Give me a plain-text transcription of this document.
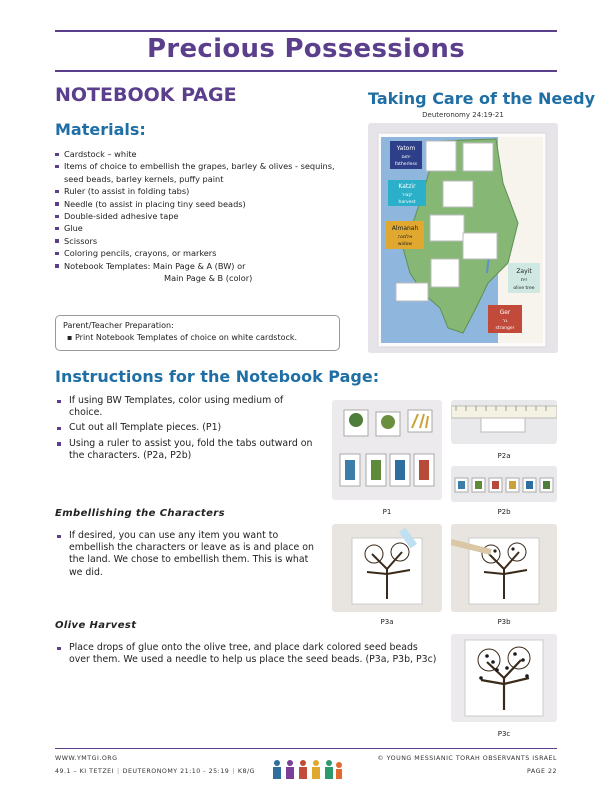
Precious Possessions
NOTEBOOK PAGE	Taking Care of the Needy
Deuteronomy 24:19-21
Materials:
Cardstock – white
Items of choice to embellish the grapes, barley & olives - sequins, seed beads, barley kernels, puffy paint
Ruler (to assist in folding tabs)
Needle (to assist in placing tiny seed beads)
Double-sided adhesive tape
Glue
Scissors
Coloring pencils, crayons, or markers
Notebook Templates: Main Page & A (BW) or
Main Page & B (color)
Parent/Teacher Preparation:
▪ Print Notebook Templates of choice on white cardstock.
Yatom
יתום
fatherless
Katzir
קציר
harvest
Almanah
אלמנה
widow
Zayit
זית
olive tree
Ger
גר
stranger
Instructions for the Notebook Page:
If using BW Templates, color using medium of choice.
Cut out all Template pieces. (P1)
Using a ruler to assist you, fold the tabs outward on the characters. (P2a, P2b)
Embellishing the Characters
If desired, you can use any item you want to embellish the characters or leave as is and place on the land. We chose to embellish them. This is what we did.
Olive Harvest
Place drops of glue onto the olive tree, and place dark colored seed beads over them. We used a needle to help us place the seed beads. (P3a, P3b, P3c)
P1
P2a
P2b
P3a	P3b
P3c
WWW.YMTGI.ORG	© YOUNG MESSIANIC TORAH OBSERVANTS ISRAEL
49.1 – KI TETZEI | DEUTERONOMY 21:10 - 25:19 | K8/G	PAGE 22
